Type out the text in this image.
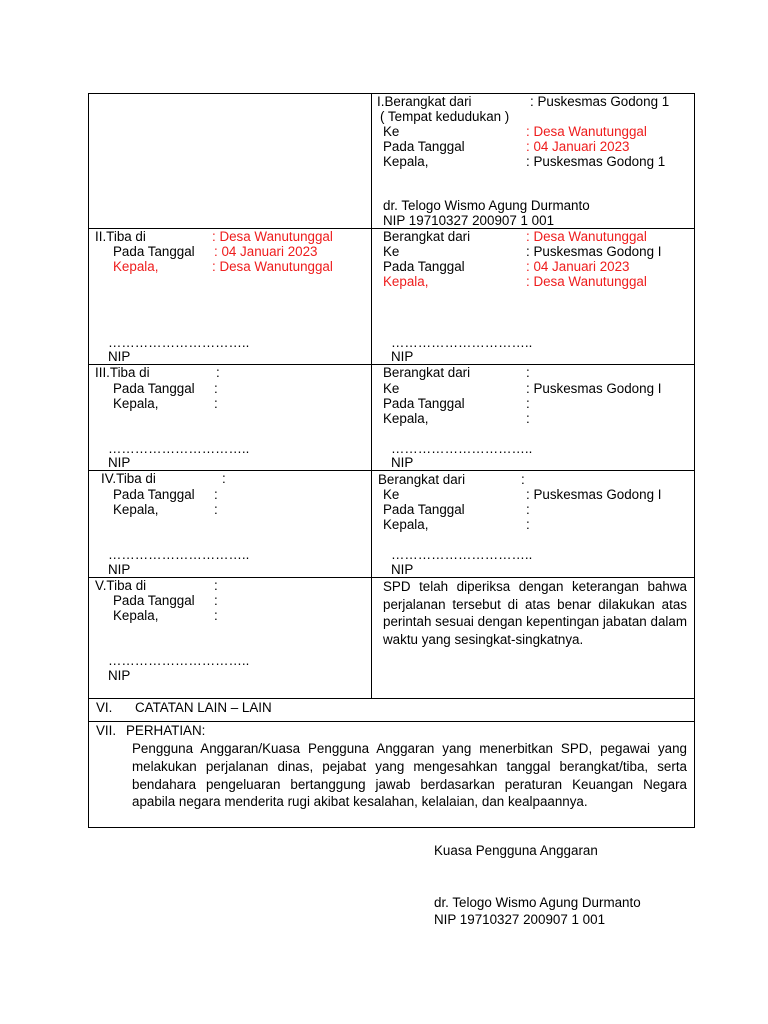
I.Berangkat dari	: Puskesmas Godong 1
( Tempat kedudukan )
Ke	: Desa Wanutunggal
Pada Tanggal	: 04 Januari 2023
Kepala,	: Puskesmas Godong 1
dr. Telogo Wismo Agung Durmanto
NIP 19710327 200907 1 001
II.Tiba di	: Desa Wanutunggal
Pada Tanggal : 04 Januari 2023
Kepala,	: Desa Wanutunggal
…………………………..
NIP
Berangkat dari	: Desa Wanutunggal
Ke	: Puskesmas Godong I
Pada Tanggal	: 04 Januari 2023
Kepala,	: Desa Wanutunggal
…………………………..
NIP
III.Tiba di	:
Pada Tanggal :
Kepala,	:
…………………………..
NIP
Berangkat dari	:
Ke	: Puskesmas Godong I
Pada Tanggal	:
Kepala,	:
…………………………..
NIP
IV.Tiba di	:
Pada Tanggal :
Kepala,	:
…………………………..
NIP
Berangkat dari	:
Ke	: Puskesmas Godong I
Pada Tanggal	:
Kepala,	:
…………………………..
NIP
V.Tiba di	:
Pada Tanggal :
Kepala,	:
…………………………..
NIP

SPD telah diperiksa dengan keterangan bahwa perjalanan tersebut di atas benar dilakukan atas perintah sesuai dengan kepentingan jabatan dalam waktu yang sesingkat-singkatnya.

VI. CATATAN LAIN – LAIN
VII. PERHATIAN:

Pengguna Anggaran/Kuasa Pengguna Anggaran yang menerbitkan SPD, pegawai yang melakukan perjalanan dinas, pejabat yang mengesahkan tanggal berangkat/tiba, serta bendahara pengeluaran bertanggung jawab berdasarkan peraturan Keuangan Negara apabila negara menderita rugi akibat kesalahan, kelalaian, dan kealpaannya.

Kuasa Pengguna Anggaran
dr. Telogo Wismo Agung Durmanto
NIP 19710327 200907 1 001
